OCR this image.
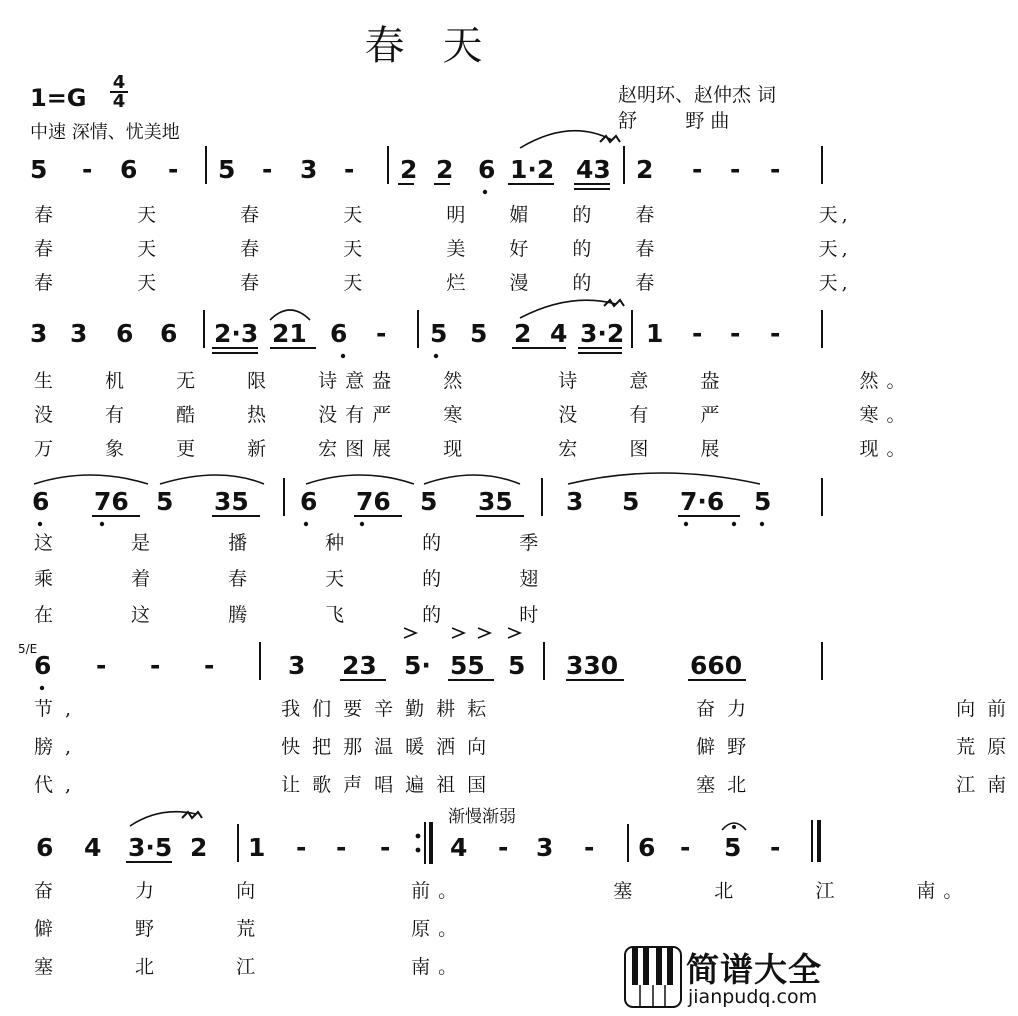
春天
$1=G \frac{4}{4}$
中速 深情、忧美地
赵明环、赵仲杰 词
舒        野 曲
5 - 6 - 5 - 3 - 2 2 6 1·2 43 2 - - -
3 3 6 6 2·3 21 6 - 5 5 2 4 3·2 1 - - -
6 76 5 35 6 76 5 35 3 5 7·6 5
6 - - -	3 23 5· 55 5 330	660
6 4 3·5 2 1 - - - 4 - 3 - 6 - 5 -
5/E
渐慢渐弱
春  天  春  天  明 媚 的 春    天,
春  天  春  天  美 好 的 春    天,
春  天  春  天  烂 漫 的 春    天,
生 机 无 限 诗意盎 然  诗 意 盎   然。
没 有 酷 热 没有严 寒  没 有 严   寒。
万 象 更 新 宏图展 现  宏 图 展   现。
这 是 播 种 的 季
乘 着 春 天 的 翅
在 这 腾 飞 的 时
节, 我们要辛勤耕耘 奋力 向前
膀, 快把那温暖洒向 僻野 荒原
代, 让歌声唱遍祖国 塞北 江南
奋 力 向  前。  塞 北 江 南。
僻 野 荒  原。
塞 北 江  南。	简谱大全
jianpudq.com
